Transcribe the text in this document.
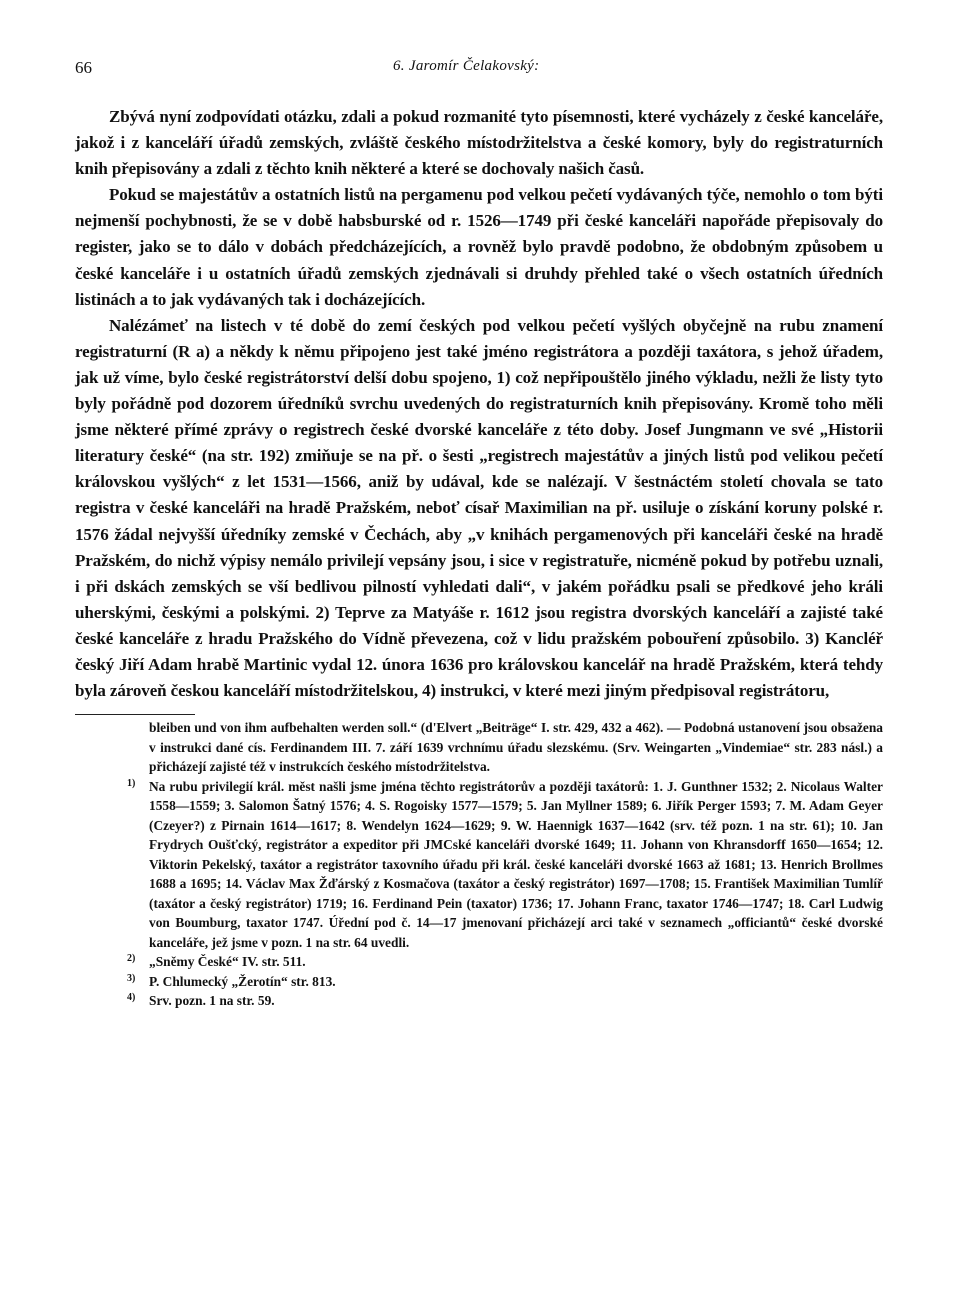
66	6. Jaromír Čelakovský:

Zbývá nyní zodpovídati otázku, zdali a pokud rozmanité tyto písemnosti, které vycházely z české kanceláře, jakož i z kanceláří úřadů zemských, zvláště českého místodržitelstva a české komory, byly do registraturních knih přepisovány a zdali z těchto knih některé a které se dochovaly našich časů.

Pokud se majestátův a ostatních listů na pergamenu pod velkou pečetí vydávaných týče, nemohlo o tom býti nejmenší pochybnosti, že se v době habsburské od r. 1526—1749 při české kanceláři napořáde přepisovaly do register, jako se to dálo v dobách předcházejících, a rovněž bylo pravdě podobno, že obdobným způsobem u české kanceláře i u ostatních úřadů zemských zjednávali si druhdy přehled také o všech ostatních úředních listinách a to jak vydávaných tak i docházejících.

Nalézámeť na listech v té době do zemí českých pod velkou pečetí vyšlých obyčejně na rubu znamení registraturní (R a) a někdy k němu připojeno jest také jméno registrátora a později taxátora, s jehož úřadem, jak už víme, bylo české registrátorství delší dobu spojeno, 1) což nepřipouštělo jiného výkladu, nežli že listy tyto byly pořádně pod dozorem úředníků svrchu uvedených do registraturních knih přepisovány. Kromě toho měli jsme některé přímé zprávy o registrech české dvorské kanceláře z této doby. Josef Jungmann ve své „Historii literatury české“ (na str. 192) zmiňuje se na př. o šesti „registrech majestátův a jiných listů pod velikou pečetí královskou vyšlých“ z let 1531—1566, aniž by udával, kde se nalézají. V šestnáctém století chovala se tato registra v české kanceláři na hradě Pražském, neboť císař Maximilian na př. usiluje o získání koruny polské r. 1576 žádal nejvyšší úředníky zemské v Čechách, aby „v knihách pergamenových při kanceláři české na hradě Pražském, do nichž výpisy nemálo privilejí vepsány jsou, i sice v registratuře, nicméně pokud by potřebu uznali, i při dskách zemských se vší bedlivou pilností vyhledati dali“, v jakém pořádku psali se předkové jeho králi uherskými, českými a polskými. 2) Teprve za Matyáše r. 1612 jsou registra dvorských kanceláří a zajisté také české kanceláře z hradu Pražského do Vídně převezena, což v lidu pražském pobouření způsobilo. 3) Kancléř český Jiří Adam hrabě Martinic vydal 12. února 1636 pro královskou kancelář na hradě Pražském, která tehdy byla zároveň českou kanceláří místodržitelskou, 4) instrukci, v které mezi jiným předpisoval registrátoru,

bleiben und von ihm aufbehalten werden soll.“ (d'Elvert „Beiträge“ I. str. 429, 432 a 462). — Podobná ustanovení jsou obsažena v instrukci dané cís. Ferdinandem III. 7. září 1639 vrchnímu úřadu slezskému. (Srv. Weingarten „Vindemiae“ str. 283 násl.) a přicházejí zajisté též v instrukcích českého místodržitelstva.

1) Na rubu privilegií král. měst našli jsme jména těchto registrátorův a později taxátorů: 1. J. Gunthner 1532; 2. Nicolaus Walter 1558—1559; 3. Salomon Šatný 1576; 4. S. Rogoisky 1577—1579; 5. Jan Myllner 1589; 6. Jiřík Perger 1593; 7. M. Adam Geyer (Czeyer?) z Pirnain 1614—1617; 8. Wendelyn 1624—1629; 9. W. Haennigk 1637—1642 (srv. též pozn. 1 na str. 61); 10. Jan Frydrych Oušťcký, registrátor a expeditor při JMCské kanceláři dvorské 1649; 11. Johann von Khransdorff 1650—1654; 12. Viktorin Pekelský, taxátor a registrátor taxovního úřadu při král. české kanceláři dvorské 1663 až 1681; 13. Henrich Brollmes 1688 a 1695; 14. Václav Max Žďárský z Kosmačova (taxátor a český registrátor) 1697—1708; 15. František Maximilian Tumlíř (taxátor a český registrátor) 1719; 16. Ferdinand Pein (taxator) 1736; 17. Johann Franc, taxator 1746—1747; 18. Carl Ludwig von Boumburg, taxator 1747. Úřední pod č. 14—17 jmenovaní přicházejí arci také v seznamech „officiantů“ české dvorské kanceláře, jež jsme v pozn. 1 na str. 64 uvedli.

2) „Sněmy České“ IV. str. 511.

3) P. Chlumecký „Žerotín“ str. 813.

4) Srv. pozn. 1 na str. 59.
